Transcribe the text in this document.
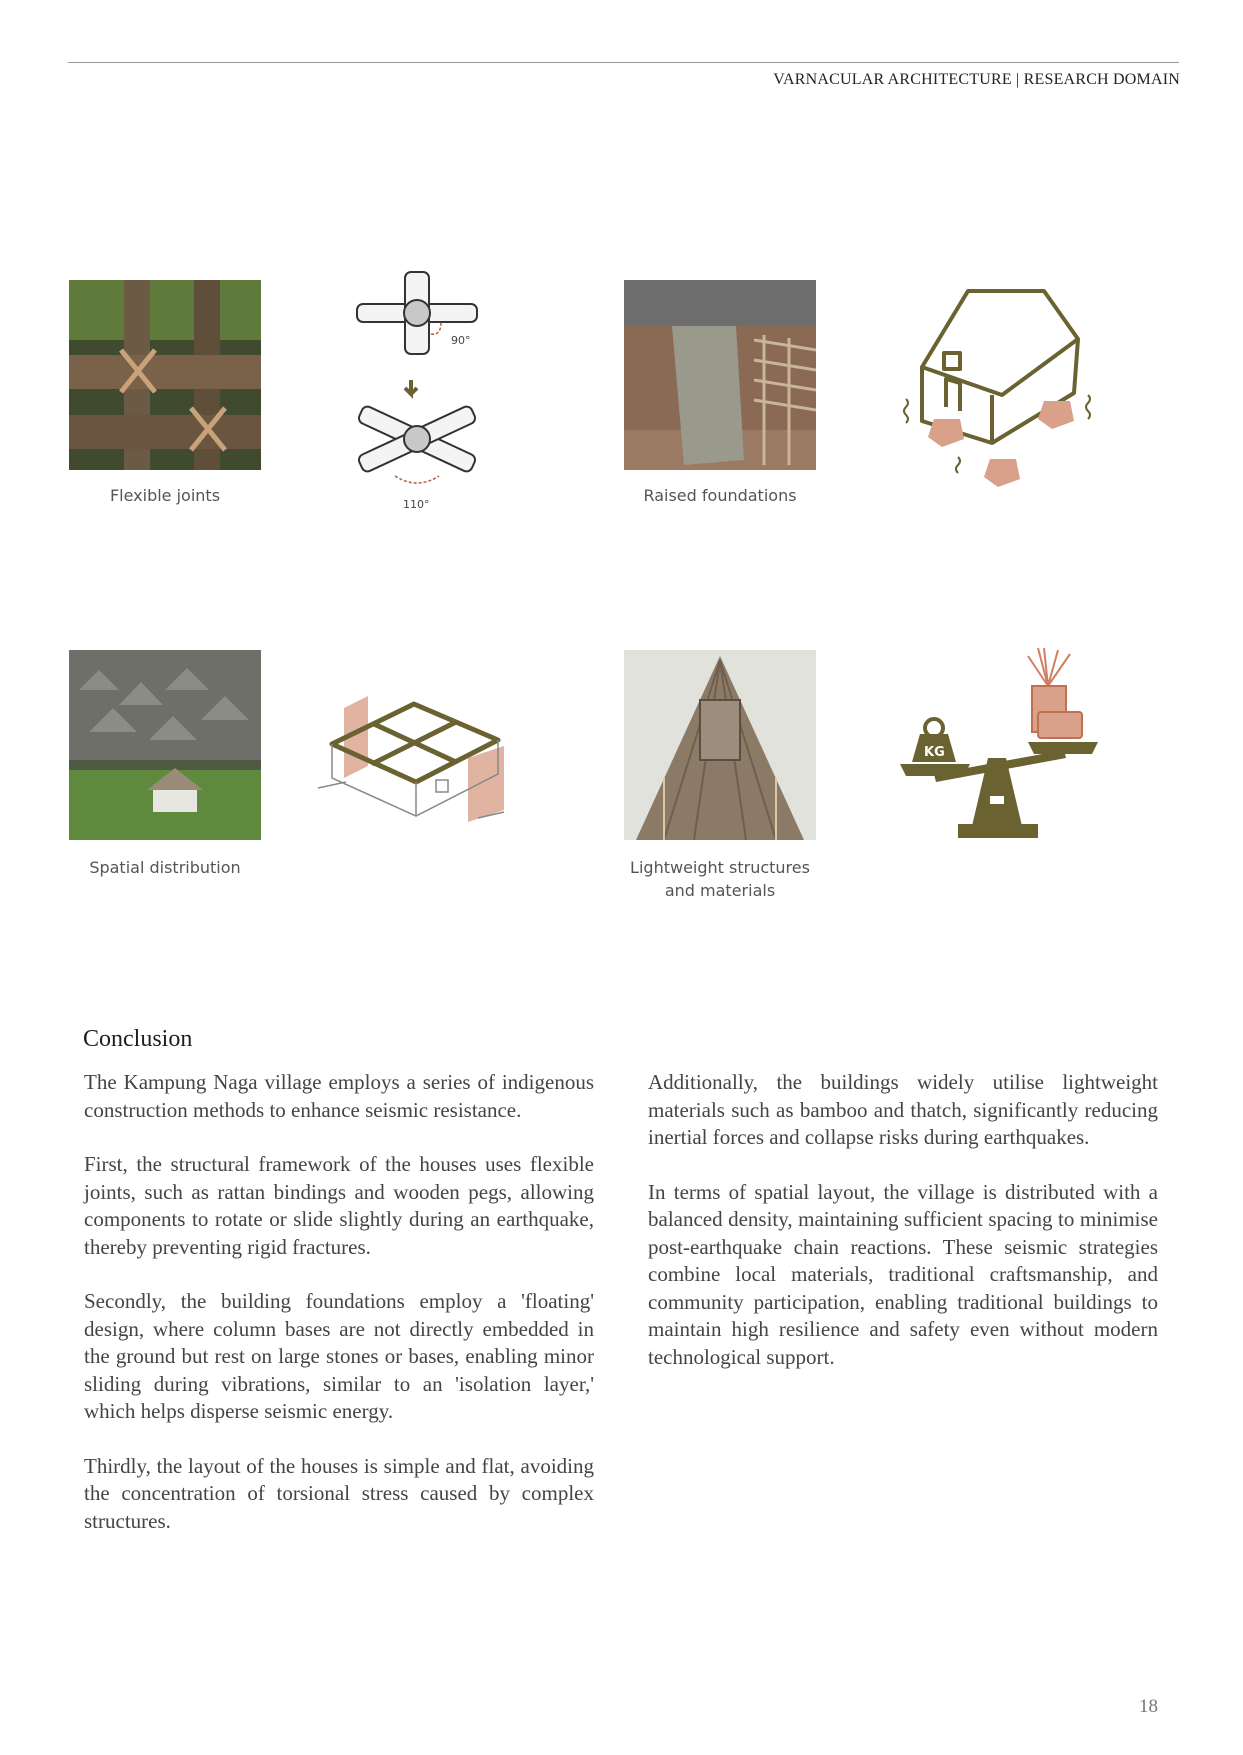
VARNACULAR ARCHITECTURE | RESEARCH DOMAIN
90°
110°
Flexible joints	Raised foundations
KG
Spatial distribution	Lightweight structures
and materials
Conclusion

The Kampung Naga village employs a series of indigenous construction methods to enhance seismic resistance.

First, the structural framework of the houses uses flexible joints, such as rattan bindings and wooden pegs, allowing components to rotate or slide slightly during an earthquake, thereby preventing rigid fractures.

Secondly, the building foundations employ a 'floating' design, where column bases are not directly embedded in the ground but rest on large stones or bases, enabling minor sliding during vibrations, similar to an 'isolation layer,' which helps disperse seismic energy.

Thirdly, the layout of the houses is simple and flat, avoiding the concentration of torsional stress caused by complex structures.

Additionally, the buildings widely utilise lightweight materials such as bamboo and thatch, significantly reducing inertial forces and collapse risks during earthquakes.

In terms of spatial layout, the village is distributed with a balanced density, maintaining sufficient spacing to minimise post-earthquake chain reactions. These seismic strategies combine local materials, traditional craftsmanship, and community participation, enabling traditional buildings to maintain high resilience and safety even without modern technological support.

18
